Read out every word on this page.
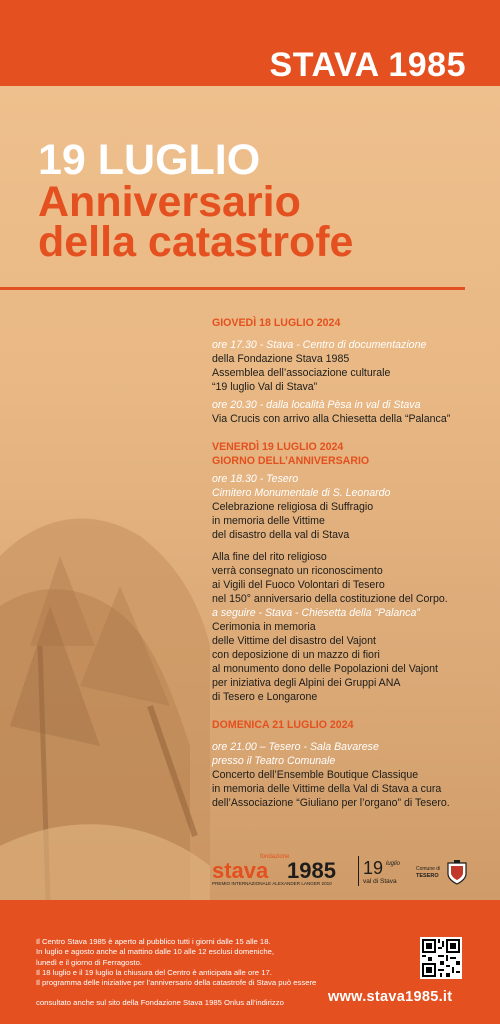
STAVA 1985
19 LUGLIO
Anniversario
della catastrofe
GIOVEDÌ 18 LUGLIO 2024
ore 17.30 - Stava - Centro di documentazione
della Fondazione Stava 1985
Assemblea dell’associazione culturale
“19 luglio Val di Stava”
ore 20.30 - dalla località Pèsa in val di Stava
Via Crucis con arrivo alla Chiesetta della “Palanca”
VENERDÌ 19 LUGLIO 2024
GIORNO DELL’ANNIVERSARIO
ore 18.30 - Tesero
Cimitero Monumentale di S. Leonardo
Celebrazione religiosa di Suffragio
in memoria delle Vittime
del disastro della val di Stava
Alla fine del rito religioso
verrà consegnato un riconoscimento
ai Vigili del Fuoco Volontari di Tesero
nel 150° anniversario della costituzione del Corpo.
a seguire - Stava - Chiesetta della “Palanca”
Cerimonia in memoria
delle Vittime del disastro del Vajont
con deposizione di un mazzo di fiori
al monumento dono delle Popolazioni del Vajont
per iniziativa degli Alpini dei Gruppi ANA
di Tesero e Longarone
DOMENICA 21 LUGLIO 2024
ore 21.00 – Tesero - Sala Bavarese
presso il Teatro Comunale
Concerto dell’Ensemble Boutique Classique
in memoria delle Vittime della Val di Stava a cura
dell’Associazione “Giuliano per l’organo” di Tesero.
fondazione
stava 1985
PREMIO INTERNAZIONALE ALEXANDER LANGER 2010
19 luglio
val di Stava
Comune di
TESERO
Il Centro Stava 1985 è aperto al pubblico tutti i giorni dalle 15 alle 18.
In luglio e agosto anche al mattino dalle 10 alle 12 esclusi domeniche,
lunedì e il giorno di Ferragosto.
Il 18 luglio e il 19 luglio la chiusura del Centro è anticipata alle ore 17.
Il programma delle iniziative per l’anniversario della catastrofe di Stava può essere
consultato anche sul sito della Fondazione Stava 1985 Onlus all’indirizzo	www.stava1985.it
